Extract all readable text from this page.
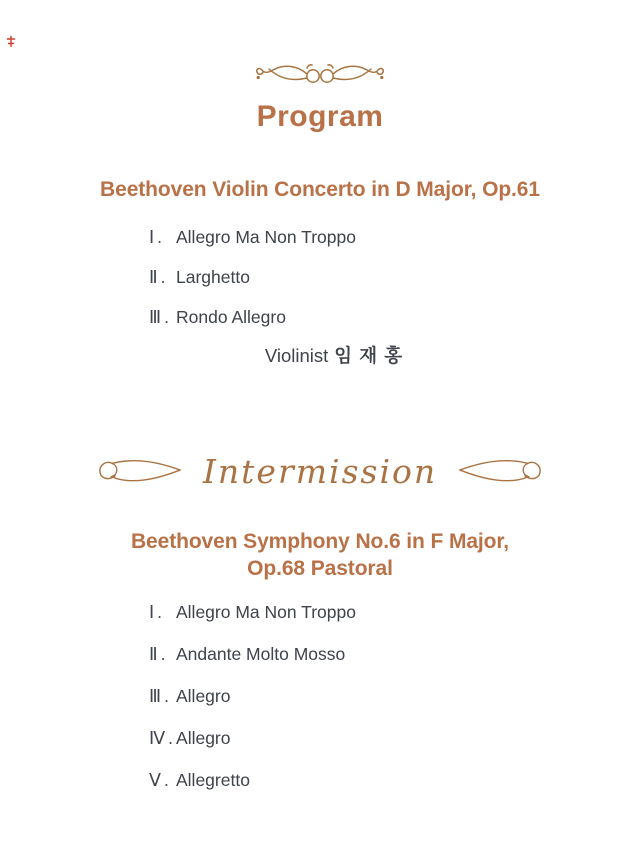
Program
Beethoven Violin Concerto in D Major, Op.61
Ⅰ. Allegro Ma Non Troppo
Ⅱ. Larghetto
Ⅲ. Rondo Allegro
Violinist 임 재 홍
Intermission
Beethoven Symphony No.6 in F Major,
Op.68 Pastoral
Ⅰ. Allegro Ma Non Troppo
Ⅱ. Andante Molto Mosso
Ⅲ. Allegro
Ⅳ.Allegro
Ⅴ. Allegretto
